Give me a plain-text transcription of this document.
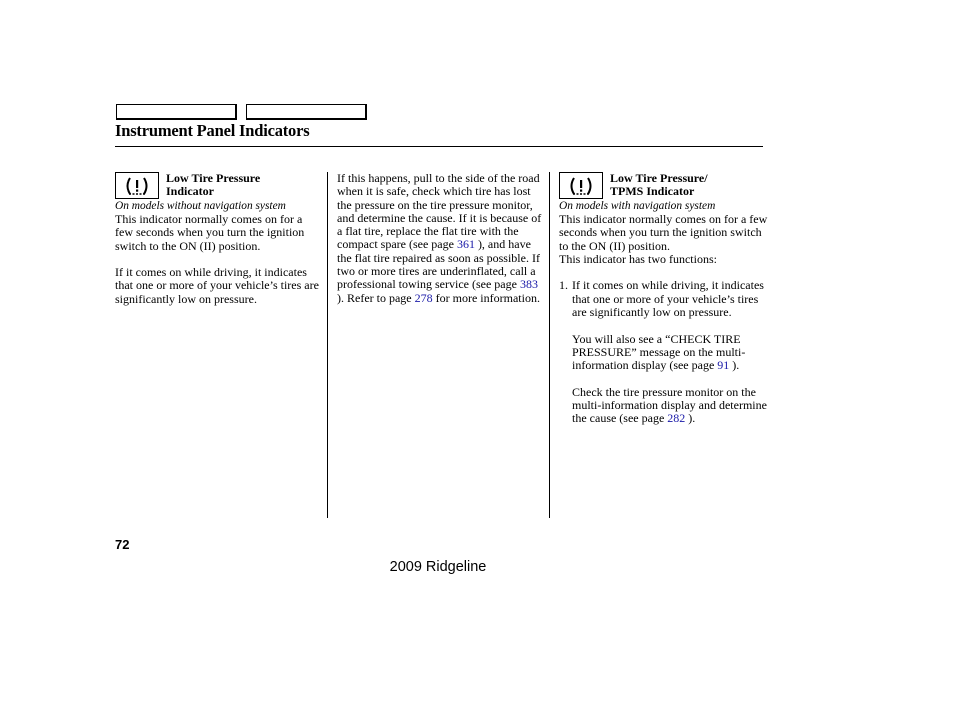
Instrument Panel Indicators
Low Tire Pressure
Indicator
On models without navigation system

This indicator normally comes on for a few seconds when you turn the ignition switch to the ON (II) position.

If it comes on while driving, it indicates that one or more of your vehicle’s tires are significantly low on pressure.

If this happens, pull to the side of the road when it is safe, check which tire has lost the pressure on the tire pressure monitor, and determine the cause. If it is because of a flat tire, replace the flat tire with the compact spare (see page 361 ), and have the flat tire repaired as soon as possible. If two or more tires are underinflated, call a professional towing service (see page 383 ). Refer to page 278 for more information.

Low Tire Pressure/
TPMS Indicator
On models with navigation system

This indicator normally comes on for a few seconds when you turn the ignition switch to the ON (II) position.

This indicator has two functions:

1. If it comes on while driving, it indicates that one or more of your vehicle’s tires are significantly low on pressure.

You will also see a “CHECK TIRE PRESSURE” message on the multi-information display (see page 91 ).

Check the tire pressure monitor on the multi-information display and determine the cause (see page 282 ).

72
2009 Ridgeline
